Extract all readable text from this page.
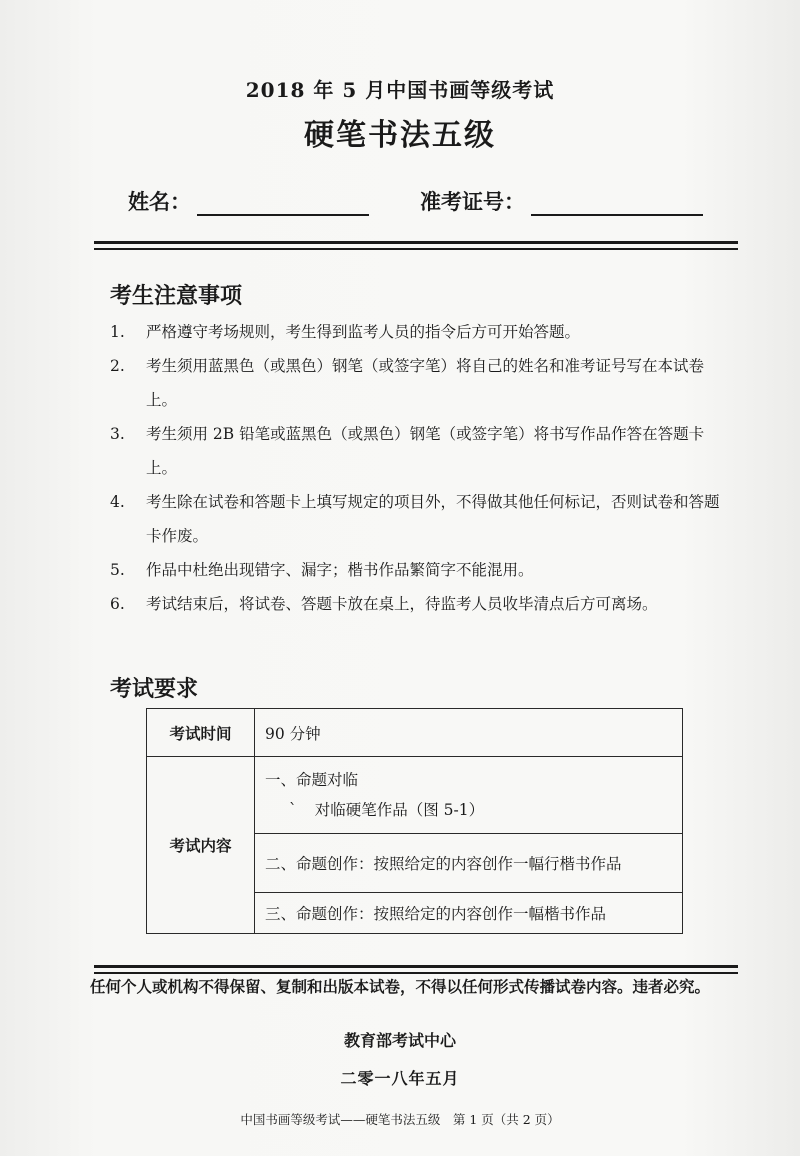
2018 年 5 月中国书画等级考试
硬笔书法五级
姓名：	准考证号：
考生注意事项
1. 严格遵守考场规则，考生得到监考人员的指令后方可开始答题。
2. 考生须用蓝黑色（或黑色）钢笔（或签字笔）将自己的姓名和准考证号写在本试卷上。
3. 考生须用 2B 铅笔或蓝黑色（或黑色）钢笔（或签字笔）将书写作品作答在答题卡上。
4. 考生除在试卷和答题卡上填写规定的项目外，不得做其他任何标记，否则试卷和答题卡作废。
5. 作品中杜绝出现错字、漏字；楷书作品繁简字不能混用。
6. 考试结束后，将试卷、答题卡放在桌上，待监考人员收毕清点后方可离场。
考试要求
考试时间	90 分钟
考试内容	一、命题对临
` 对临硬笔作品（图 5-1）

	二、命题创作：按照给定的内容创作一幅行楷书作品
	三、命题创作：按照给定的内容创作一幅楷书作品
任何个人或机构不得保留、复制和出版本试卷，不得以任何形式传播试卷内容。违者必究。
教育部考试中心
二零一八年五月
中国书画等级考试——硬笔书法五级　第 1 页（共 2 页）
